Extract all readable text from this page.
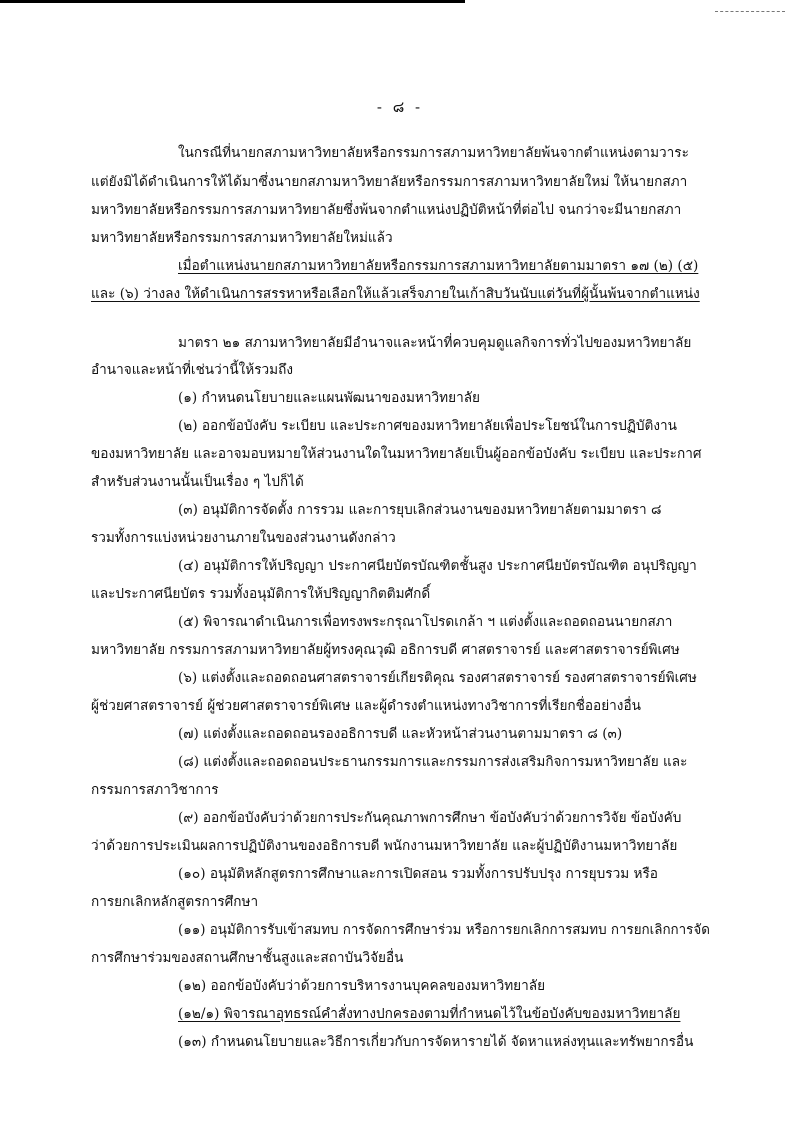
- ๘ -
ในกรณีที่นายกสภามหาวิทยาลัยหรือกรรมการสภามหาวิทยาลัยพ้นจากตำแหน่งตามวาระ
แต่ยังมิได้ดำเนินการให้ได้มาซึ่งนายกสภามหาวิทยาลัยหรือกรรมการสภามหาวิทยาลัยใหม่ ให้นายกสภา
มหาวิทยาลัยหรือกรรมการสภามหาวิทยาลัยซึ่งพ้นจากตำแหน่งปฏิบัติหน้าที่ต่อไป จนกว่าจะมีนายกสภา
มหาวิทยาลัยหรือกรรมการสภามหาวิทยาลัยใหม่แล้ว
เมื่อตำแหน่งนายกสภามหาวิทยาลัยหรือกรรมการสภามหาวิทยาลัยตามมาตรา ๑๗ (๒) (๕)
และ (๖) ว่างลง ให้ดำเนินการสรรหาหรือเลือกให้แล้วเสร็จภายในเก้าสิบวันนับแต่วันที่ผู้นั้นพ้นจากตำแหน่ง
มาตรา ๒๑ สภามหาวิทยาลัยมีอำนาจและหน้าที่ควบคุมดูแลกิจการทั่วไปของมหาวิทยาลัย
อำนาจและหน้าที่เช่นว่านี้ให้รวมถึง
(๑) กำหนดนโยบายและแผนพัฒนาของมหาวิทยาลัย
(๒) ออกข้อบังคับ ระเบียบ และประกาศของมหาวิทยาลัยเพื่อประโยชน์ในการปฏิบัติงาน
ของมหาวิทยาลัย และอาจมอบหมายให้ส่วนงานใดในมหาวิทยาลัยเป็นผู้ออกข้อบังคับ ระเบียบ และประกาศ
สำหรับส่วนงานนั้นเป็นเรื่อง ๆ ไปก็ได้
(๓) อนุมัติการจัดตั้ง การรวม และการยุบเลิกส่วนงานของมหาวิทยาลัยตามมาตรา ๘
รวมทั้งการแบ่งหน่วยงานภายในของส่วนงานดังกล่าว
(๔) อนุมัติการให้ปริญญา ประกาศนียบัตรบัณฑิตชั้นสูง ประกาศนียบัตรบัณฑิต อนุปริญญา
และประกาศนียบัตร รวมทั้งอนุมัติการให้ปริญญากิตติมศักดิ์
(๕) พิจารณาดำเนินการเพื่อทรงพระกรุณาโปรดเกล้า ฯ แต่งตั้งและถอดถอนนายกสภา
มหาวิทยาลัย กรรมการสภามหาวิทยาลัยผู้ทรงคุณวุฒิ อธิการบดี ศาสตราจารย์ และศาสตราจารย์พิเศษ
(๖) แต่งตั้งและถอดถอนศาสตราจารย์เกียรติคุณ รองศาสตราจารย์ รองศาสตราจารย์พิเศษ
ผู้ช่วยศาสตราจารย์ ผู้ช่วยศาสตราจารย์พิเศษ และผู้ดำรงตำแหน่งทางวิชาการที่เรียกชื่ออย่างอื่น
(๗) แต่งตั้งและถอดถอนรองอธิการบดี และหัวหน้าส่วนงานตามมาตรา ๘ (๓)
(๘) แต่งตั้งและถอดถอนประธานกรรมการและกรรมการส่งเสริมกิจการมหาวิทยาลัย และ
กรรมการสภาวิชาการ
(๙) ออกข้อบังคับว่าด้วยการประกันคุณภาพการศึกษา ข้อบังคับว่าด้วยการวิจัย ข้อบังคับ
ว่าด้วยการประเมินผลการปฏิบัติงานของอธิการบดี พนักงานมหาวิทยาลัย และผู้ปฏิบัติงานมหาวิทยาลัย
(๑๐) อนุมัติหลักสูตรการศึกษาและการเปิดสอน รวมทั้งการปรับปรุง การยุบรวม หรือ
การยกเลิกหลักสูตรการศึกษา
(๑๑) อนุมัติการรับเข้าสมทบ การจัดการศึกษาร่วม หรือการยกเลิกการสมทบ การยกเลิกการจัด
การศึกษาร่วมของสถานศึกษาชั้นสูงและสถาบันวิจัยอื่น
(๑๒) ออกข้อบังคับว่าด้วยการบริหารงานบุคคลของมหาวิทยาลัย
(๑๒/๑) พิจารณาอุทธรณ์คำสั่งทางปกครองตามที่กำหนดไว้ในข้อบังคับของมหาวิทยาลัย
(๑๓) กำหนดนโยบายและวิธีการเกี่ยวกับการจัดหารายได้ จัดหาแหล่งทุนและทรัพยากรอื่น
